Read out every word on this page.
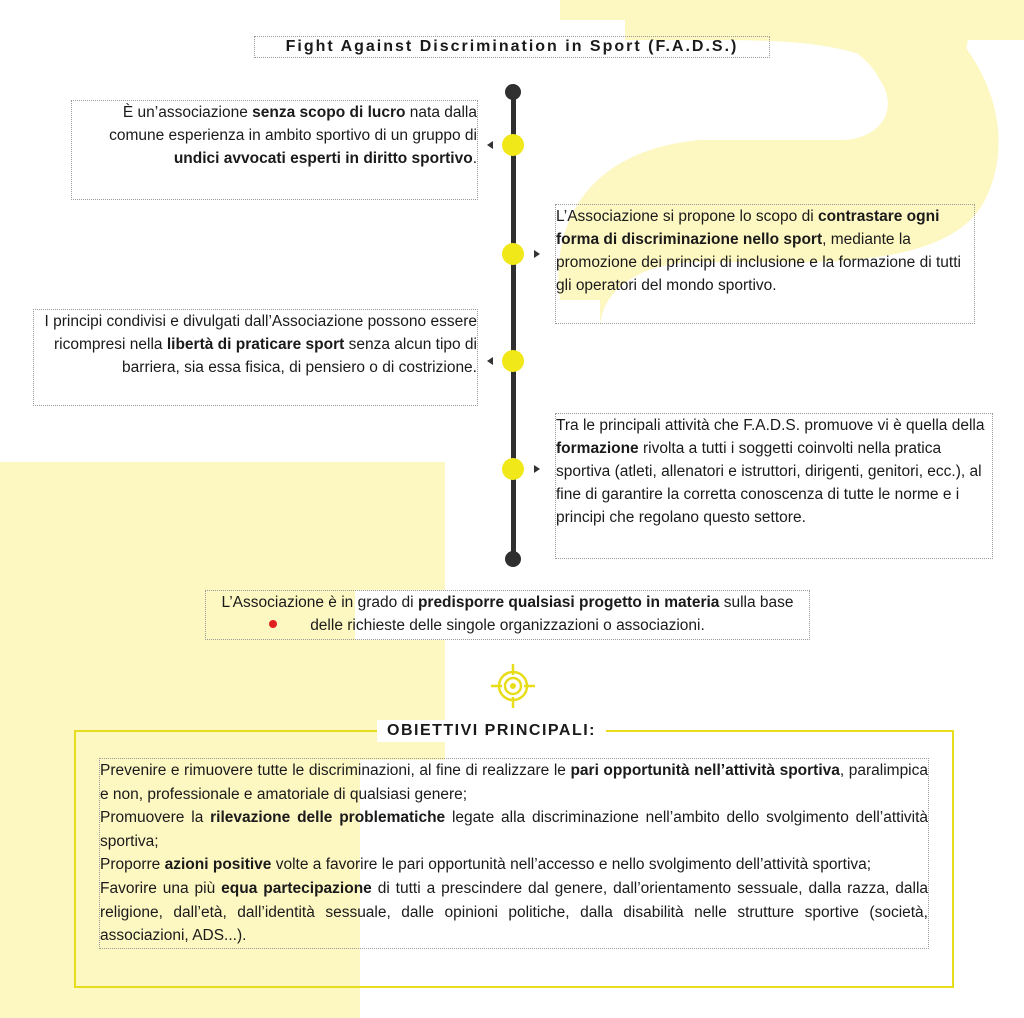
Fight Against Discrimination in Sport (F.A.D.S.)
È un’associazione senza scopo di lucro nata dalla comune esperienza in ambito sportivo di un gruppo di undici avvocati esperti in diritto sportivo.
L’Associazione si propone lo scopo di contrastare ogni forma di discriminazione nello sport, mediante la promozione dei principi di inclusione e la formazione di tutti gli operatori del mondo sportivo.
I principi condivisi e divulgati dall’Associazione possono essere ricompresi nella libertà di praticare sport senza alcun tipo di barriera, sia essa fisica, di pensiero o di costrizione.
Tra le principali attività che F.A.D.S. promuove vi è quella della formazione rivolta a tutti i soggetti coinvolti nella pratica sportiva (atleti, allenatori e istruttori, dirigenti, genitori, ecc.), al fine di garantire la corretta conoscenza di tutte le norme e i principi che regolano questo settore.
L’Associazione è in grado di predisporre qualsiasi progetto in materia sulla base delle richieste delle singole organizzazioni o associazioni.
OBIETTIVI PRINCIPALI:

Prevenire e rimuovere tutte le discriminazioni, al fine di realizzare le pari opportunità nell’attività sportiva, paralimpica e non, professionale e amatoriale di qualsiasi genere;

Promuovere la rilevazione delle problematiche legate alla discriminazione nell’ambito dello svolgimento dell’attività sportiva;

Proporre azioni positive volte a favorire le pari opportunità nell’accesso e nello svolgimento dell’attività sportiva;

Favorire una più equa partecipazione di tutti a prescindere dal genere, dall’orientamento sessuale, dalla razza, dalla religione, dall’età, dall’identità sessuale, dalle opinioni politiche, dalla disabilità nelle strutture sportive (società, associazioni, ADS...).
